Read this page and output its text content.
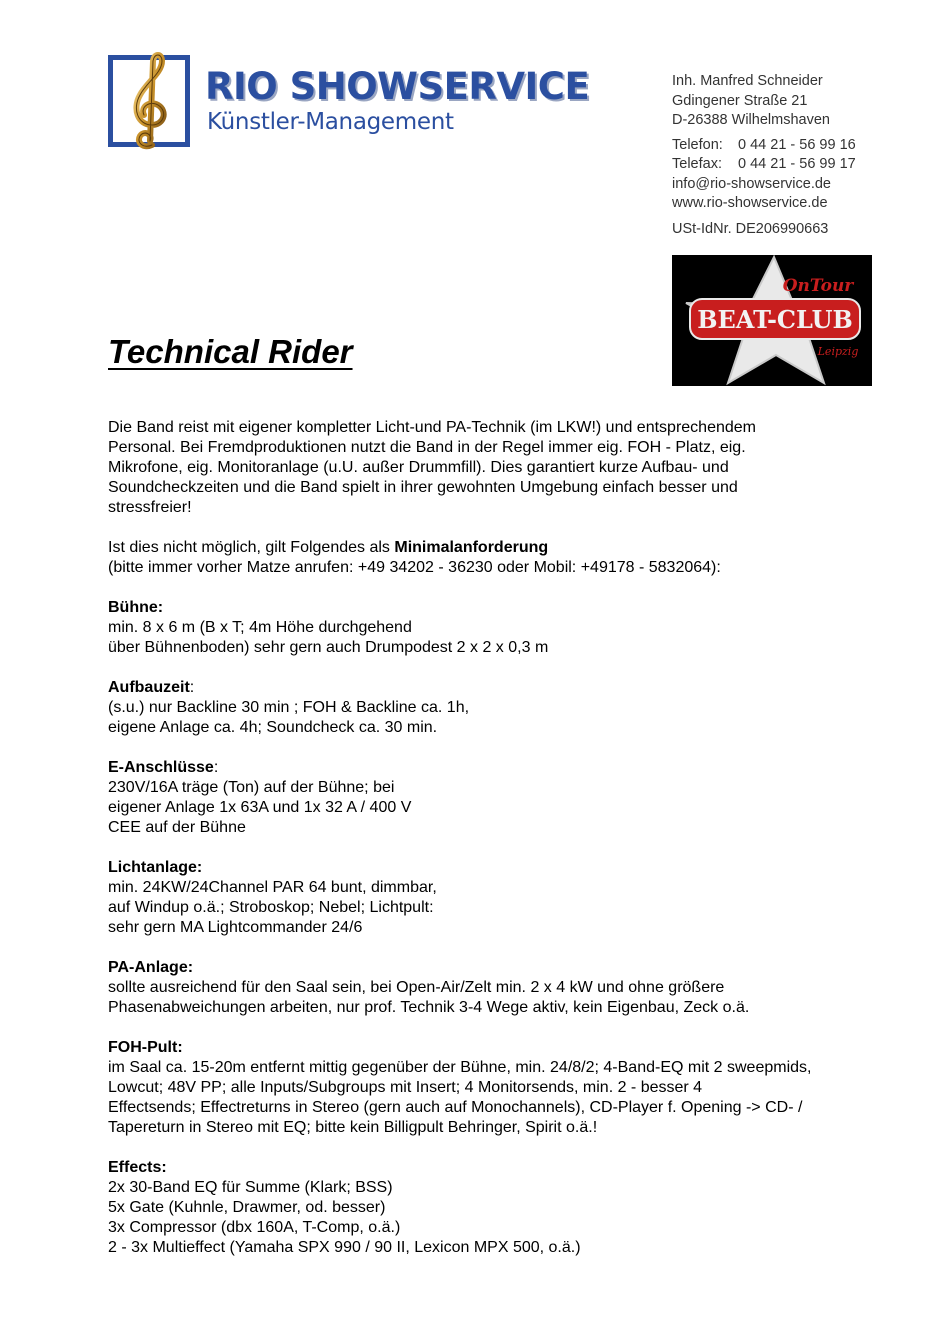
RIO SHOWSERVICE
Künstler-Management
Inh. Manfred Schneider
Gdingener Straße 21
D-26388 Wilhelmshaven
Telefon: 0 44 21 - 56 99 16
Telefax: 0 44 21 - 56 99 17
info@rio-showservice.de
www.rio-showservice.de
USt-IdNr. DE206990663
BEAT-CLUB
OnTour
Leipzig
Technical Rider

Die Band reist mit eigener kompletter Licht-und PA-Technik (im LKW!) und entsprechendem

Personal. Bei Fremdproduktionen nutzt die Band in der Regel immer eig. FOH - Platz, eig.

Mikrofone, eig. Monitoranlage (u.U. außer Drummfill). Dies garantiert kurze Aufbau- und

Soundcheckzeiten und die Band spielt in ihrer gewohnten Umgebung einfach besser und

stressfreier!

Ist dies nicht möglich, gilt Folgendes als Minimalanforderung

(bitte immer vorher Matze anrufen: +49 34202 - 36230 oder Mobil: +49178 - 5832064):

Bühne:

min. 8 x 6 m (B x T; 4m Höhe durchgehend

über Bühnenboden) sehr gern auch Drumpodest 2 x 2 x 0,3 m

Aufbauzeit:

(s.u.) nur Backline 30 min ; FOH & Backline ca. 1h,

eigene Anlage ca. 4h; Soundcheck ca. 30 min.

E-Anschlüsse:

230V/16A träge (Ton) auf der Bühne; bei

eigener Anlage 1x 63A und 1x 32 A / 400 V

CEE auf der Bühne

Lichtanlage:

min. 24KW/24Channel PAR 64 bunt, dimmbar,

auf Windup o.ä.; Stroboskop; Nebel; Lichtpult:

sehr gern MA Lightcommander 24/6

PA-Anlage:

sollte ausreichend für den Saal sein, bei Open-Air/Zelt min. 2 x 4 kW und ohne größere

Phasenabweichungen arbeiten, nur prof. Technik 3-4 Wege aktiv, kein Eigenbau, Zeck o.ä.

FOH-Pult:

im Saal ca. 15-20m entfernt mittig gegenüber der Bühne, min. 24/8/2; 4-Band-EQ mit 2 sweepmids,

Lowcut; 48V PP; alle Inputs/Subgroups mit Insert; 4 Monitorsends, min. 2 - besser 4

Effectsends; Effectreturns in Stereo (gern auch auf Monochannels), CD-Player f. Opening -> CD- /

Tapereturn in Stereo mit EQ; bitte kein Billigpult Behringer, Spirit o.ä.!

Effects:

2x 30-Band EQ für Summe (Klark; BSS)

5x Gate (Kuhnle, Drawmer, od. besser)

3x Compressor (dbx 160A, T-Comp, o.ä.)

2 - 3x Multieffect (Yamaha SPX 990 / 90 II, Lexicon MPX 500, o.ä.)
